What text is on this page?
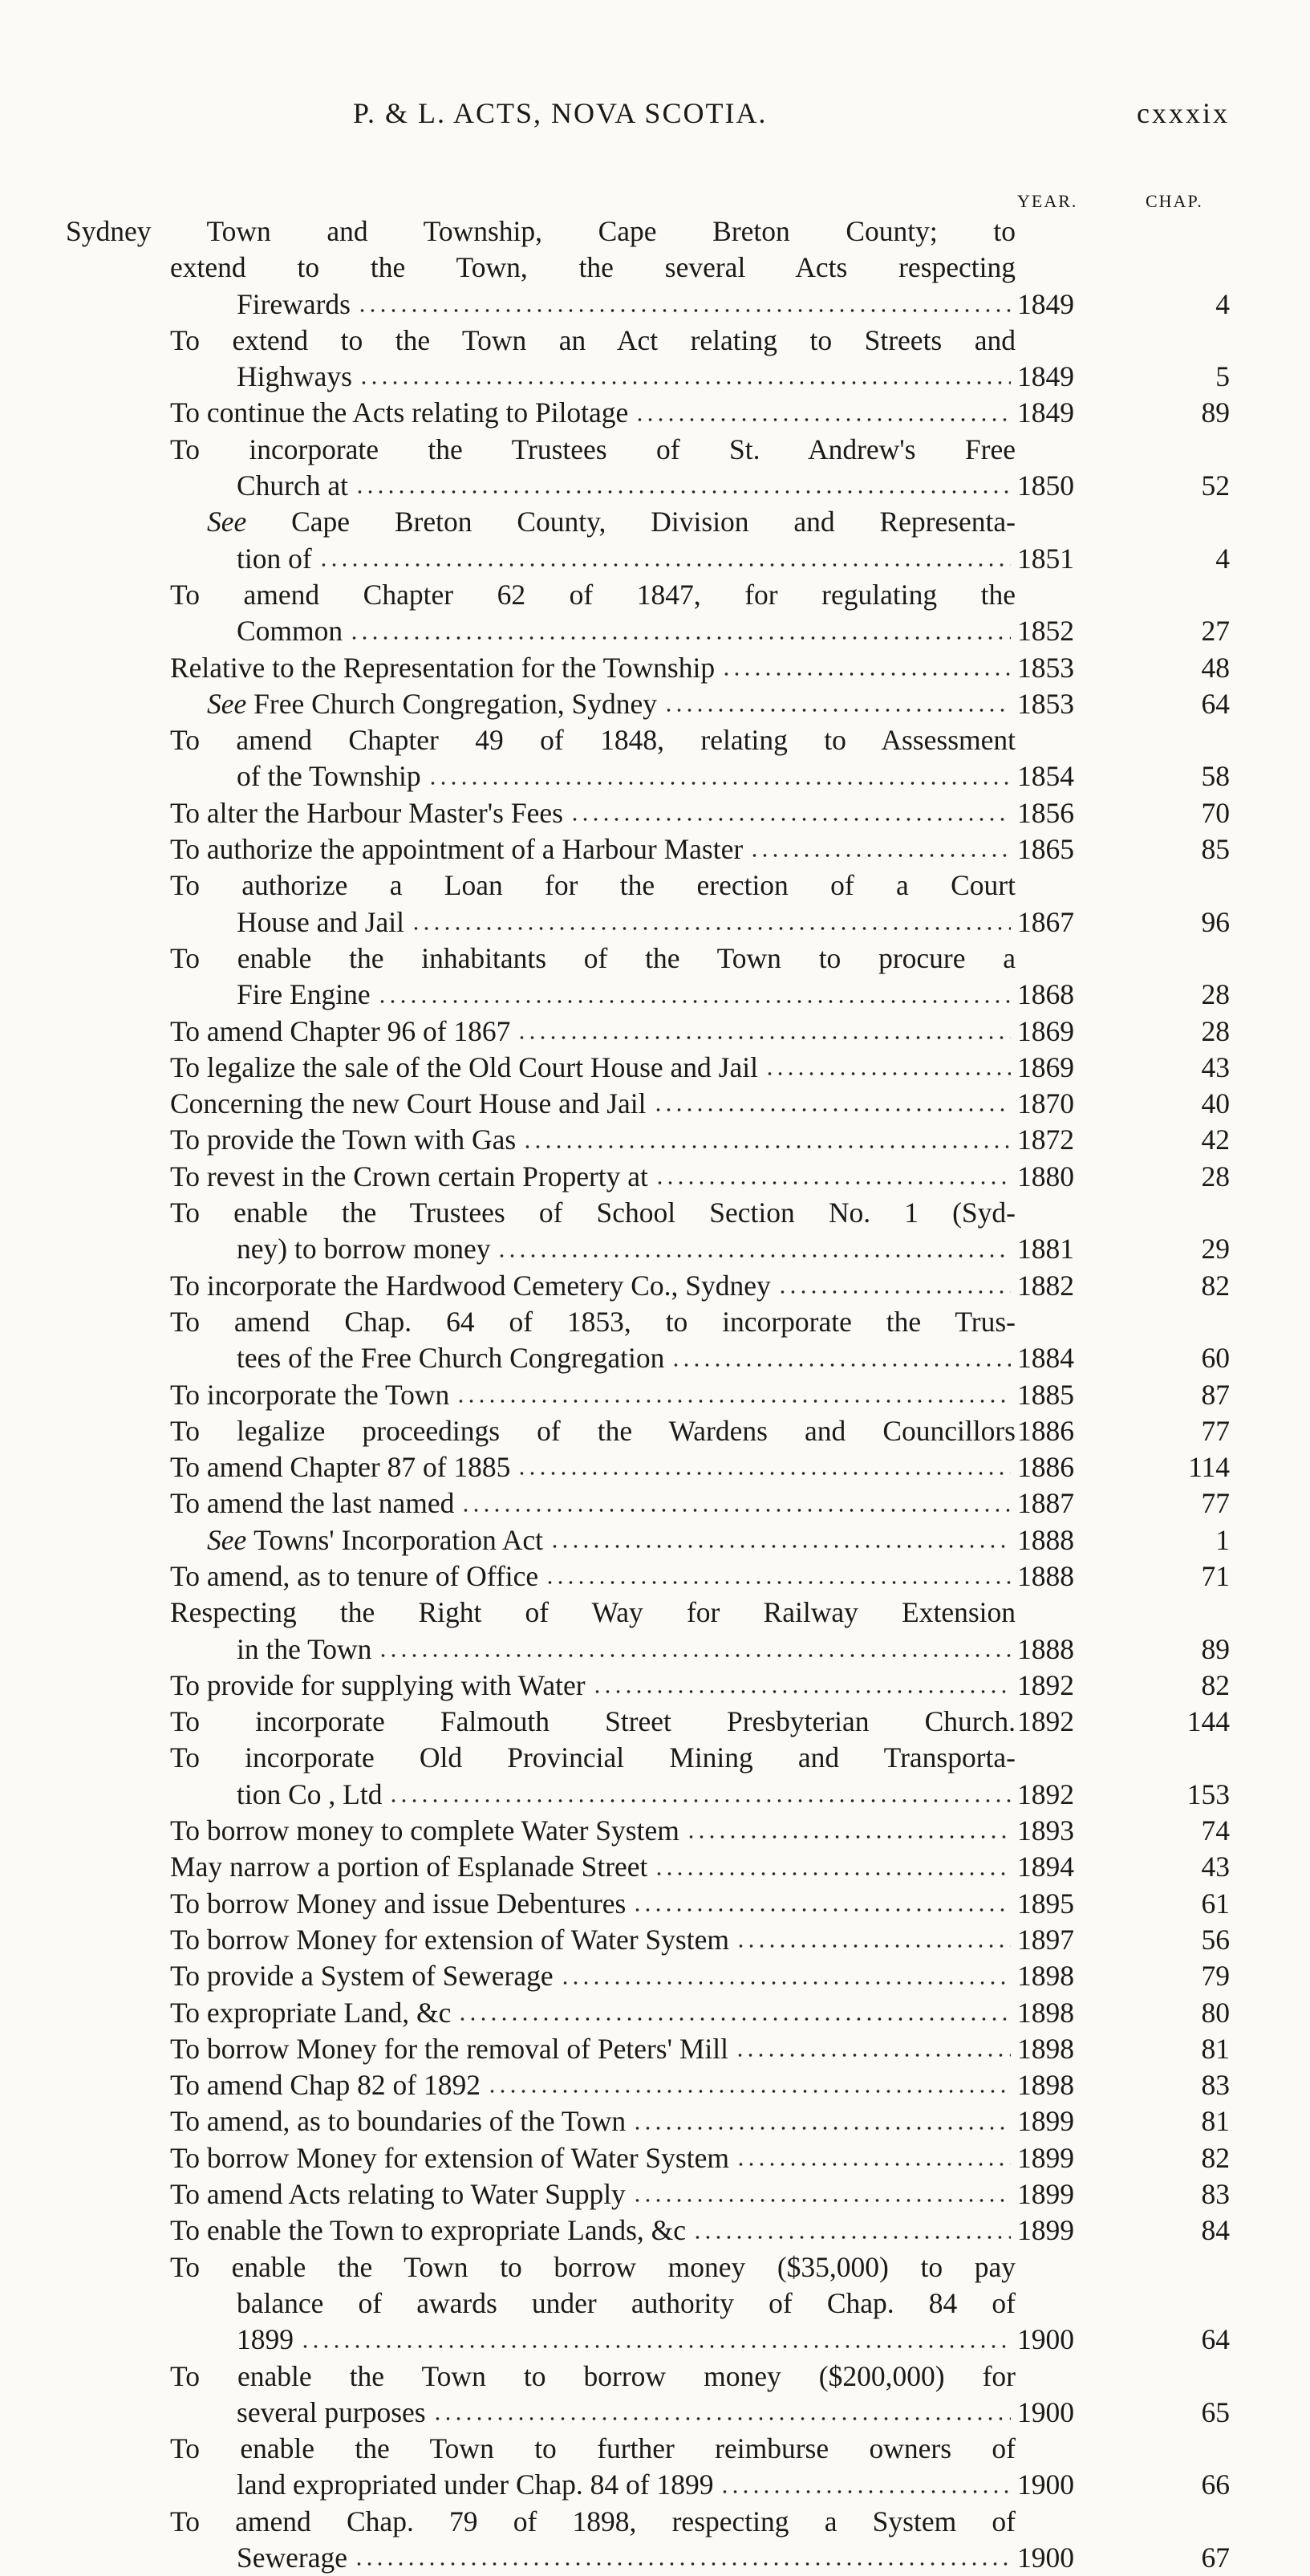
P. & L. ACTS, NOVA SCOTIA.	cxxxix
YEAR.	CHAP.
Sydney Town and Township, Cape Breton County; to
extend to the Town, the several Acts respecting
Firewards	1849	4
To extend to the Town an Act relating to Streets and
Highways	1849	5
To continue the Acts relating to Pilotage	1849	89
To incorporate the Trustees of St. Andrew's Free
Church at	1850	52
See Cape Breton County, Division and Representa-
tion of	1851	4
To amend Chapter 62 of 1847, for regulating the
Common	1852	27
Relative to the Representation for the Township	1853	48
See Free Church Congregation, Sydney	1853	64
To amend Chapter 49 of 1848, relating to Assessment
of the Township	1854	58
To alter the Harbour Master's Fees	1856	70
To authorize the appointment of a Harbour Master	1865	85
To authorize a Loan for the erection of a Court
House and Jail	1867	96
To enable the inhabitants of the Town to procure a
Fire Engine	1868	28
To amend Chapter 96 of 1867	1869	28
To legalize the sale of the Old Court House and Jail	1869	43
Concerning the new Court House and Jail	1870	40
To provide the Town with Gas	1872	42
To revest in the Crown certain Property at	1880	28
To enable the Trustees of School Section No. 1 (Syd-
ney) to borrow money	1881	29
To incorporate the Hardwood Cemetery Co., Sydney	1882	82
To amend Chap. 64 of 1853, to incorporate the Trus-
tees of the Free Church Congregation	1884	60
To incorporate the Town	1885	87
To legalize proceedings of the Wardens and Councillors 1886	77
To amend Chapter 87 of 1885	1886	114
To amend the last named	1887	77
See Towns' Incorporation Act	1888	1
To amend, as to tenure of Office	1888	71
Respecting the Right of Way for Railway Extension
in the Town	1888	89
To provide for supplying with Water	1892	82
To incorporate Falmouth Street Presbyterian Church. 1892	144
To incorporate Old Provincial Mining and Transporta-
tion Co , Ltd	1892	153
To borrow money to complete Water System	1893	74
May narrow a portion of Esplanade Street	1894	43
To borrow Money and issue Debentures	1895	61
To borrow Money for extension of Water System	1897	56
To provide a System of Sewerage	1898	79
To expropriate Land, &c	1898	80
To borrow Money for the removal of Peters' Mill	1898	81
To amend Chap 82 of 1892	1898	83
To amend, as to boundaries of the Town	1899	81
To borrow Money for extension of Water System	1899	82
To amend Acts relating to Water Supply	1899	83
To enable the Town to expropriate Lands, &c	1899	84
To enable the Town to borrow money ($35,000) to pay
balance of awards under authority of Chap. 84 of
1899	1900	64
To enable the Town to borrow money ($200,000) for
several purposes	1900	65
To enable the Town to further reimburse owners of
land expropriated under Chap. 84 of 1899	1900	66
To amend Chap. 79 of 1898, respecting a System of
Sewerage	1900	67
